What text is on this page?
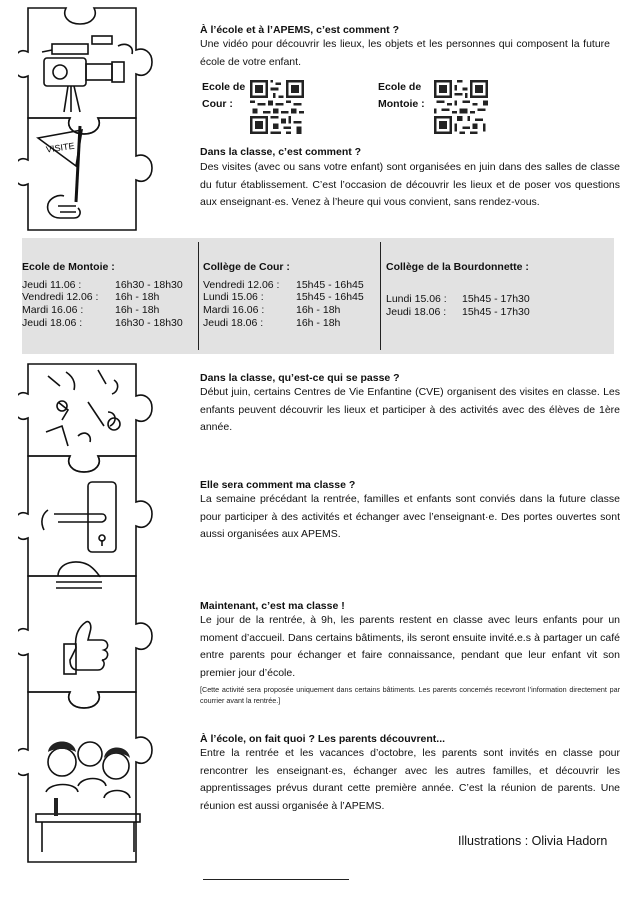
VISITE
À l’école et à l’APEMS, c’est comment ?
Une vidéo pour découvrir les lieux, les objets et les personnes qui composent la future école de votre enfant.
Ecole de
Cour :
Ecole de
Montoie :
Dans la classe, c’est comment ?
Des visites (avec ou sans votre enfant) sont organisées en juin dans des salles de classe du futur établissement. C’est l’occasion de découvrir les lieux et de poser vos questions aux enseignant·es. Venez à l’heure qui vous convient, sans rendez-vous.
Ecole de Montoie :
Jeudi 11.06 :	16h30 - 18h30
Vendredi 12.06 : 16h - 18h
Mardi 16.06 :	16h - 18h
Jeudi 18.06 :	16h30 - 18h30
Collège de Cour :
Vendredi 12.06 : 15h45 - 16h45
Lundi 15.06 :	15h45 - 16h45
Mardi 16.06 :	16h - 18h
Jeudi 18.06 :	16h - 18h
Collège de la Bourdonnette :
Lundi 15.06 : 15h45 - 17h30
Jeudi 18.06 : 15h45 - 17h30
Dans la classe, qu’est-ce qui se passe ?
Début juin, certains Centres de Vie Enfantine (CVE) organisent des visites en classe. Les enfants peuvent découvrir les lieux et participer à des activités avec des élèves de 1ère année.
Elle sera comment ma classe ?
La semaine précédant la rentrée, familles et enfants sont conviés dans la future classe pour participer à des activités et échanger avec l’enseignant·e. Des portes ouvertes sont aussi organisées aux APEMS.
Maintenant, c’est ma classe !
Le jour de la rentrée, à 9h, les parents restent en classe avec leurs enfants pour un moment d’accueil. Dans certains bâtiments, ils seront ensuite invité.e.s à partager un café entre parents pour échanger et faire connaissance, pendant que leur enfant vit son premier jour d’école.
[Cette activité sera proposée uniquement dans certains bâtiments. Les parents concernés recevront l’information directement par courrier avant la rentrée.]
À l’école, on fait quoi ? Les parents découvrent...
Entre la rentrée et les vacances d’octobre, les parents sont invités en classe pour rencontrer les enseignant·es, échanger avec les autres familles, et découvrir les apprentissages prévus durant cette première année. C’est la réunion de parents. Une réunion est aussi organisée à l’APEMS.
Illustrations : Olivia Hadorn
